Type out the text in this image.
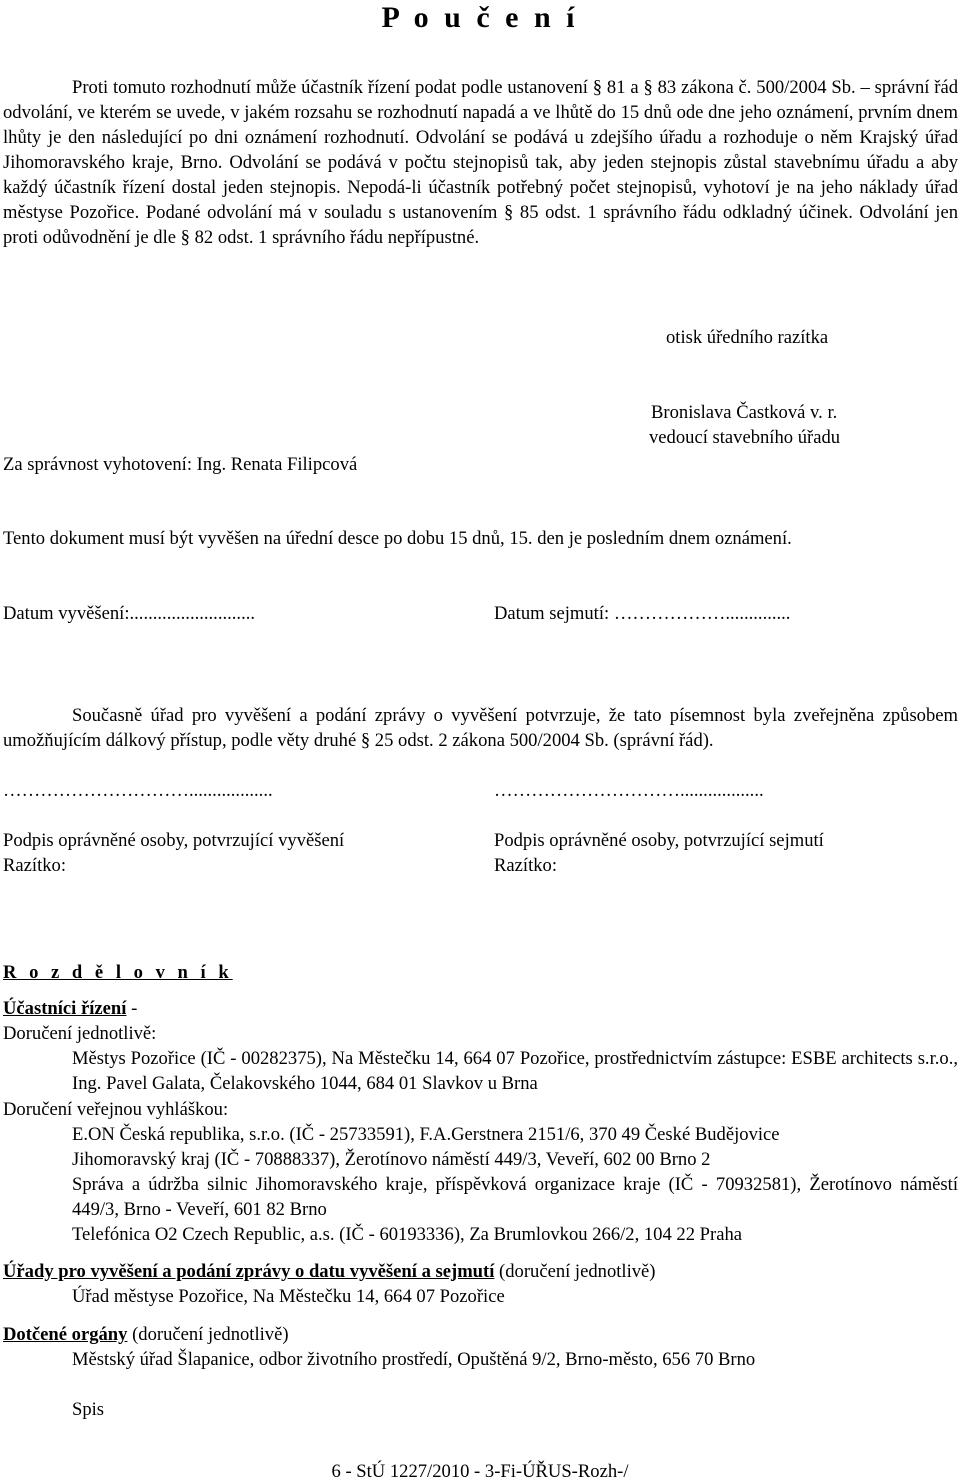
P o u č e n í

Proti tomuto rozhodnutí může účastník řízení podat podle ustanovení § 81 a § 83 zákona č. 500/2004 Sb. – správní řád odvolání, ve kterém se uvede, v jakém rozsahu se rozhodnutí napadá a ve lhůtě do 15 dnů ode dne jeho oznámení, prvním dnem lhůty je den následující po dni oznámení rozhodnutí. Odvolání se podává u zdejšího úřadu a rozhoduje o něm Krajský úřad Jihomoravského kraje, Brno. Odvolání se podává v počtu stejnopisů tak, aby jeden stejnopis zůstal stavebnímu úřadu a aby každý účastník řízení dostal jeden stejnopis. Nepodá-li účastník potřebný počet stejnopisů, vyhotoví je na jeho náklady úřad městyse Pozořice. Podané odvolání má v souladu s ustanovením § 85 odst. 1 správního řádu odkladný účinek. Odvolání jen proti odůvodnění je dle § 82 odst. 1 správního řádu nepřípustné.

otisk úředního razítka
Bronislava Častková v. r.
vedoucí stavebního úřadu
Za správnost vyhotovení: Ing. Renata Filipcová
Tento dokument musí být vyvěšen na úřední desce po dobu 15 dnů, 15. den je posledním dnem oznámení.
Datum vyvěšení:...........................	Datum sejmutí: ………………..............

Současně úřad pro vyvěšení a podání zprávy o vyvěšení potvrzuje, že tato písemnost byla zveřejněna způsobem umožňujícím dálkový přístup, podle věty druhé § 25 odst. 2 zákona 500/2004 Sb. (správní řád).

…………………………..................
Podpis oprávněné osoby, potvrzující vyvěšení
Razítko:
…………………………..................
Podpis oprávněné osoby, potvrzující sejmutí
Razítko:
R o z d ě l o v n í k
Účastníci řízení -
Doručení jednotlivě:
Městys Pozořice (IČ - 00282375), Na Městečku 14, 664 07 Pozořice, prostřednictvím zástupce: ESBE architects s.r.o., Ing. Pavel Galata, Čelakovského 1044, 684 01 Slavkov u Brna
Doručení veřejnou vyhláškou:
E.ON Česká republika, s.r.o. (IČ - 25733591), F.A.Gerstnera 2151/6, 370 49 České Budějovice
Jihomoravský kraj (IČ - 70888337), Žerotínovo náměstí 449/3, Veveří, 602 00 Brno 2
Správa a údržba silnic Jihomoravského kraje, příspěvková organizace kraje (IČ - 70932581), Žerotínovo náměstí 449/3, Brno - Veveří, 601 82 Brno
Telefónica O2 Czech Republic, a.s. (IČ - 60193336), Za Brumlovkou 266/2, 104 22 Praha
Úřady pro vyvěšení a podání zprávy o datu vyvěšení a sejmutí (doručení jednotlivě)
Úřad městyse Pozořice, Na Městečku 14, 664 07 Pozořice
Dotčené orgány (doručení jednotlivě)
Městský úřad Šlapanice, odbor životního prostředí, Opuštěná 9/2, Brno-město, 656 70 Brno
Spis
6 - StÚ 1227/2010 - 3-Fi-ÚŘUS-Rozh-/
